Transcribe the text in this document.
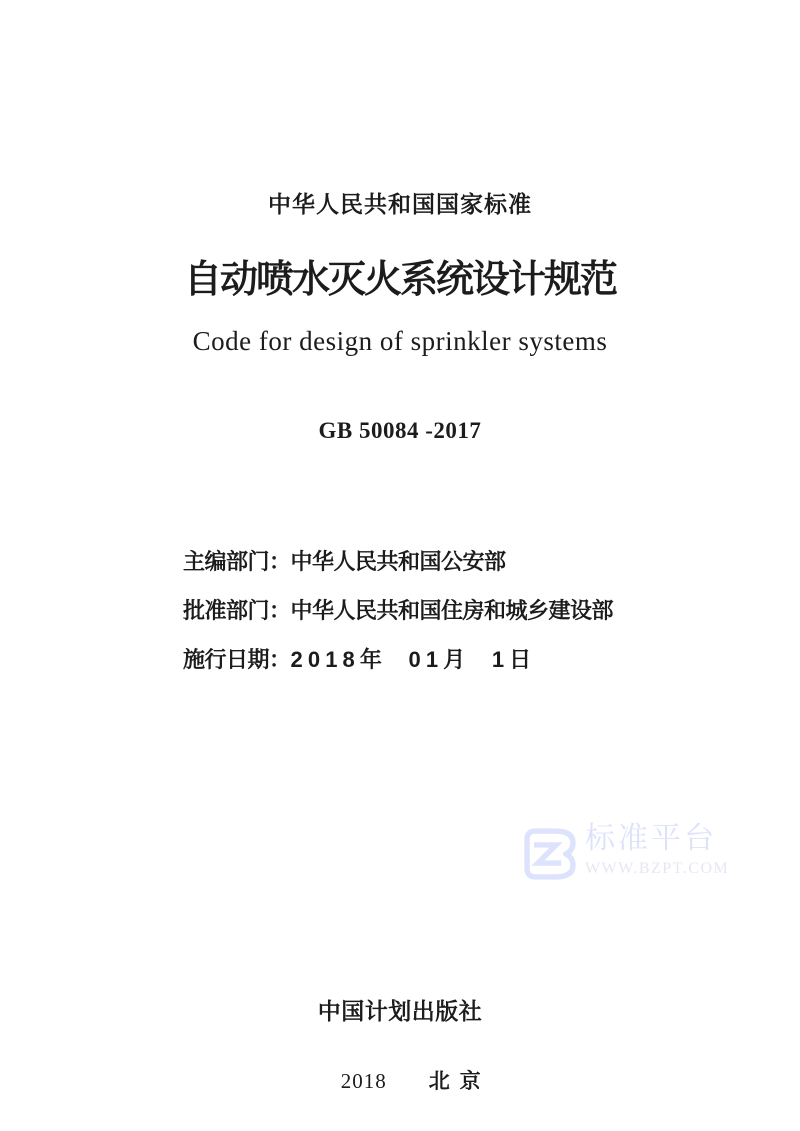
中华人民共和国国家标准
自动喷水灭火系统设计规范
Code for design of sprinkler systems
GB 50084 -2017
主编部门：中华人民共和国公安部
批准部门：中华人民共和国住房和城乡建设部
施行日期：2 0 1 8 年　 0 1 月　 1 日
标准平台
WWW.BZPT.COM
中国计划出版社

2018 北 京
